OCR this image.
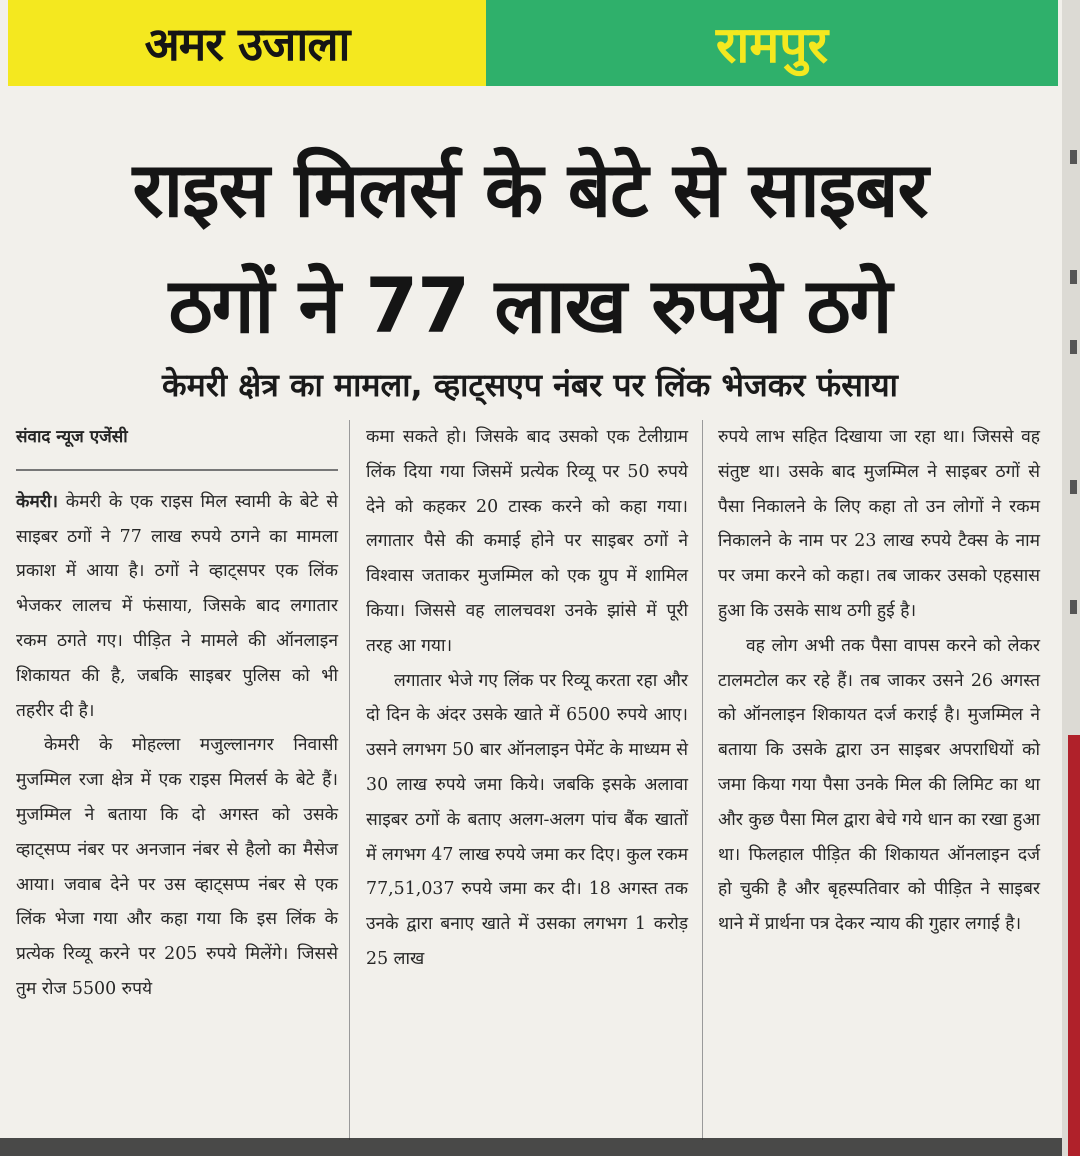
अमर उजाला	रामपुर
राइस मिलर्स के बेटे से साइबर
ठगों ने 77 लाख रुपये ठगे
केमरी क्षेत्र का मामला, व्हाट्सएप नंबर पर लिंक भेजकर फंसाया
संवाद न्यूज एजेंसी

केमरी। केमरी के एक राइस मिल स्वामी के बेटे से साइबर ठगों ने 77 लाख रुपये ठगने का मामला प्रकाश में आया है। ठगों ने व्हाट्सपर एक लिंक भेजकर लालच में फंसाया, जिसके बाद लगातार रकम ठगते गए। पीड़ित ने मामले की ऑनलाइन शिकायत की है, जबकि साइबर पुलिस को भी तहरीर दी है।

केमरी के मोहल्ला मजुल्लानगर निवासी मुजम्मिल रजा क्षेत्र में एक राइस मिलर्स के बेटे हैं। मुजम्मिल ने बताया कि दो अगस्त को उसके व्हाट्सप्प नंबर पर अनजान नंबर से हैलो का मैसेज आया। जवाब देने पर उस व्हाट्सप्प नंबर से एक लिंक भेजा गया और कहा गया कि इस लिंक के प्रत्येक रिव्यू करने पर 205 रुपये मिलेंगे। जिससे तुम रोज 5500 रुपये

कमा सकते हो। जिसके बाद उसको एक टेलीग्राम लिंक दिया गया जिसमें प्रत्येक रिव्यू पर 50 रुपये देने को कहकर 20 टास्क करने को कहा गया। लगातार पैसे की कमाई होने पर साइबर ठगों ने विश्वास जताकर मुजम्मिल को एक ग्रुप में शामिल किया। जिससे वह लालचवश उनके झांसे में पूरी तरह आ गया।

लगातार भेजे गए लिंक पर रिव्यू करता रहा और दो दिन के अंदर उसके खाते में 6500 रुपये आए। उसने लगभग 50 बार ऑनलाइन पेमेंट के माध्यम से 30 लाख रुपये जमा किये। जबकि इसके अलावा साइबर ठगों के बताए अलग-अलग पांच बैंक खातों में लगभग 47 लाख रुपये जमा कर दिए। कुल रकम 77,51,037 रुपये जमा कर दी। 18 अगस्त तक उनके द्वारा बनाए खाते में उसका लगभग 1 करोड़ 25 लाख

रुपये लाभ सहित दिखाया जा रहा था। जिससे वह संतुष्ट था। उसके बाद मुजम्मिल ने साइबर ठगों से पैसा निकालने के लिए कहा तो उन लोगों ने रकम निकालने के नाम पर 23 लाख रुपये टैक्स के नाम पर जमा करने को कहा। तब जाकर उसको एहसास हुआ कि उसके साथ ठगी हुई है।

वह लोग अभी तक पैसा वापस करने को लेकर टालमटोल कर रहे हैं। तब जाकर उसने 26 अगस्त को ऑनलाइन शिकायत दर्ज कराई है। मुजम्मिल ने बताया कि उसके द्वारा उन साइबर अपराधियों को जमा किया गया पैसा उनके मिल की लिमिट का था और कुछ पैसा मिल द्वारा बेचे गये धान का रखा हुआ था। फिलहाल पीड़ित की शिकायत ऑनलाइन दर्ज हो चुकी है और बृहस्पतिवार को पीड़ित ने साइबर थाने में प्रार्थना पत्र देकर न्याय की गुहार लगाई है।
